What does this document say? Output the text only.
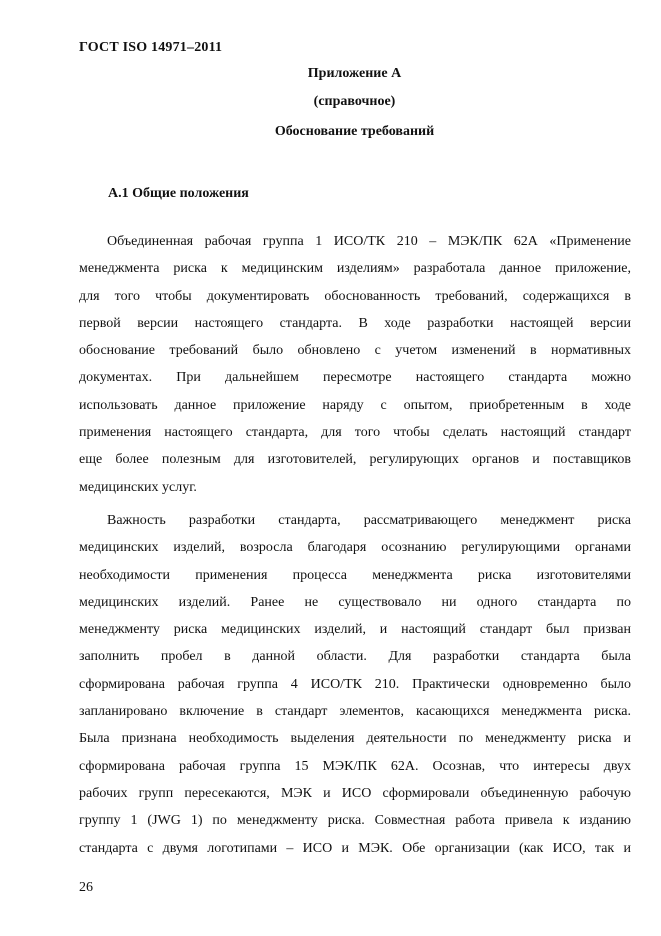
ГОСТ ISO 14971–2011
Приложение А
(справочное)
Обоснование требований
А.1 Общие положения
Объединенная рабочая группа 1 ИСО/ТК 210 – МЭК/ПК 62А «Применение
менеджмента риска к медицинским изделиям» разработала данное приложение,
для того чтобы документировать обоснованность требований, содержащихся в
первой версии настоящего стандарта. В ходе разработки настоящей версии
обоснование требований было обновлено с учетом изменений в нормативных
документах. При дальнейшем пересмотре настоящего стандарта можно
использовать данное приложение наряду с опытом, приобретенным в ходе
применения настоящего стандарта, для того чтобы сделать настоящий стандарт
еще более полезным для изготовителей, регулирующих органов и поставщиков
медицинских услуг.
Важность разработки стандарта, рассматривающего менеджмент риска
медицинских изделий, возросла благодаря осознанию регулирующими органами
необходимости применения процесса менеджмента риска изготовителями
медицинских изделий. Ранее не существовало ни одного стандарта по
менеджменту риска медицинских изделий, и настоящий стандарт был призван
заполнить пробел в данной области. Для разработки стандарта была
сформирована рабочая группа 4 ИСО/ТК 210. Практически одновременно было
запланировано включение в стандарт элементов, касающихся менеджмента риска.
Была признана необходимость выделения деятельности по менеджменту риска и
сформирована рабочая группа 15 МЭК/ПК 62А. Осознав, что интересы двух
рабочих групп пересекаются, МЭК и ИСО сформировали объединенную рабочую
группу 1 (JWG 1) по менеджменту риска. Совместная работа привела к изданию
стандарта с двумя логотипами – ИСО и МЭК. Обе организации (как ИСО, так и
26
